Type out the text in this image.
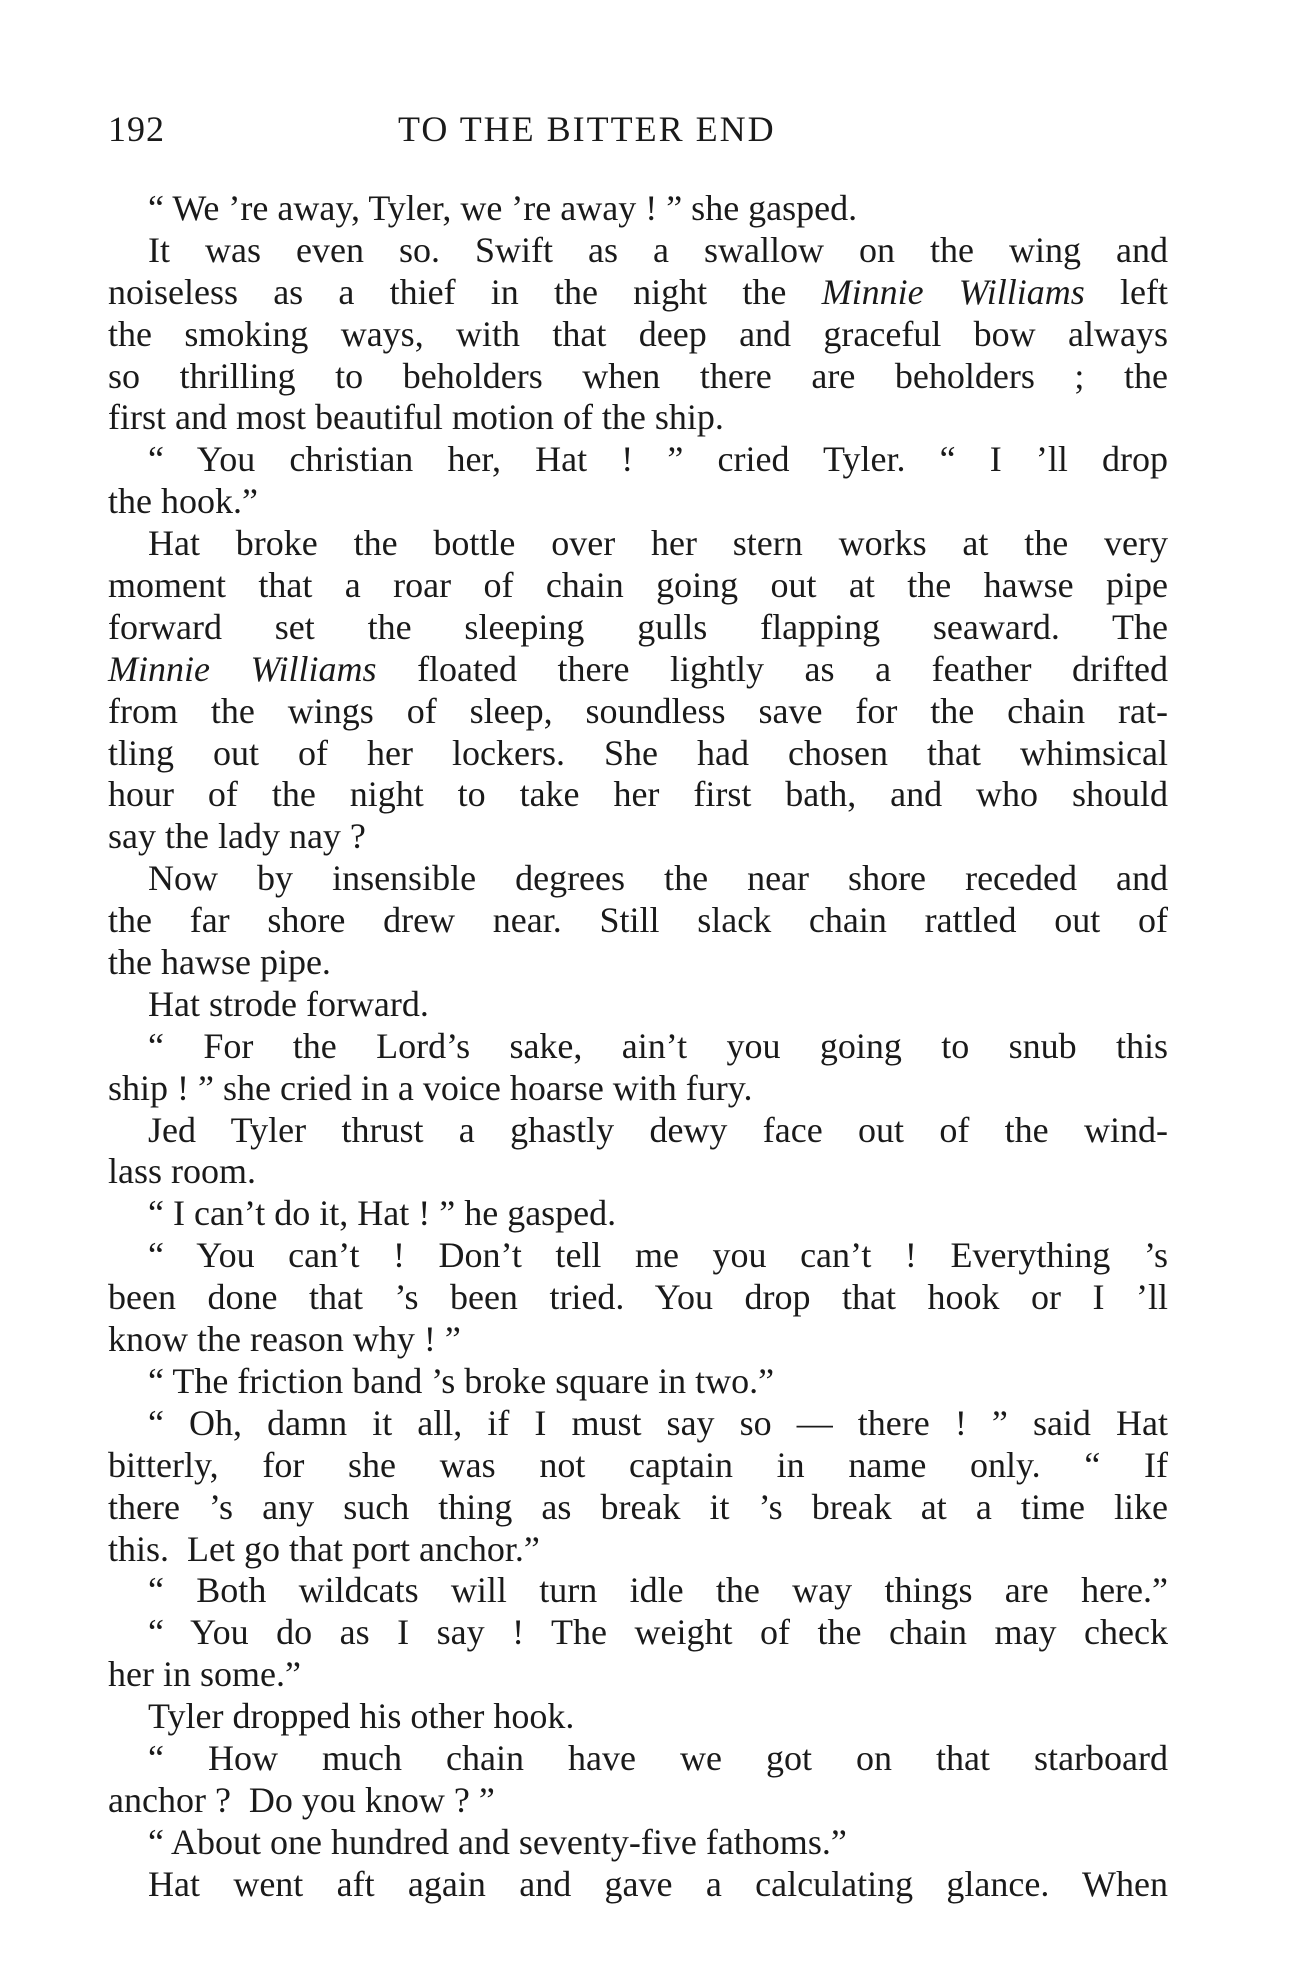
192	TO THE BITTER END
“ We ’re away, Tyler, we ’re away ! ” she gasped.
It was even so. Swift as a swallow on the wing and
noiseless as a thief in the night the Minnie Williams left
the smoking ways, with that deep and graceful bow always
so thrilling to beholders when there are beholders ; the
first and most beautiful motion of the ship.
“ You christian her, Hat ! ” cried Tyler. “ I ’ll drop
the hook.”
Hat broke the bottle over her stern works at the very
moment that a roar of chain going out at the hawse pipe
forward set the sleeping gulls flapping seaward. The
Minnie Williams floated there lightly as a feather drifted
from the wings of sleep, soundless save for the chain rat-
tling out of her lockers. She had chosen that whimsical
hour of the night to take her first bath, and who should
say the lady nay ?
Now by insensible degrees the near shore receded and
the far shore drew near. Still slack chain rattled out of
the hawse pipe.
Hat strode forward.
“ For the Lord’s sake, ain’t you going to snub this
ship ! ” she cried in a voice hoarse with fury.
Jed Tyler thrust a ghastly dewy face out of the wind-
lass room.
“ I can’t do it, Hat ! ” he gasped.
“ You can’t ! Don’t tell me you can’t ! Everything ’s
been done that ’s been tried. You drop that hook or I ’ll
know the reason why ! ”
“ The friction band ’s broke square in two.”
“ Oh, damn it all, if I must say so — there ! ” said Hat
bitterly, for she was not captain in name only. “ If
there ’s any such thing as break it ’s break at a time like
this.  Let go that port anchor.”
“ Both wildcats will turn idle the way things are here.”
“ You do as I say ! The weight of the chain may check
her in some.”
Tyler dropped his other hook.
“ How much chain have we got on that starboard
anchor ?  Do you know ? ”
“ About one hundred and seventy-five fathoms.”
Hat went aft again and gave a calculating glance. When
